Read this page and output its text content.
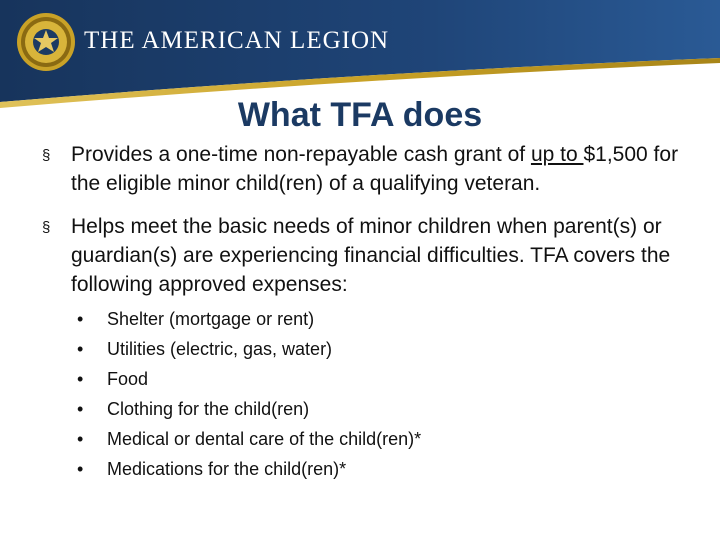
THE AMERICAN LEGION
What TFA does
§ Provides a one-time non-repayable cash grant of up to $1,500 for the eligible minor child(ren) of a qualifying veteran.
§ Helps meet the basic needs of minor children when parent(s) or guardian(s) are experiencing financial difficulties. TFA covers the following approved expenses:
• Shelter (mortgage or rent)
• Utilities (electric, gas, water)
• Food
• Clothing for the child(ren)
• Medical or dental care of the child(ren)*
• Medications for the child(ren)*
